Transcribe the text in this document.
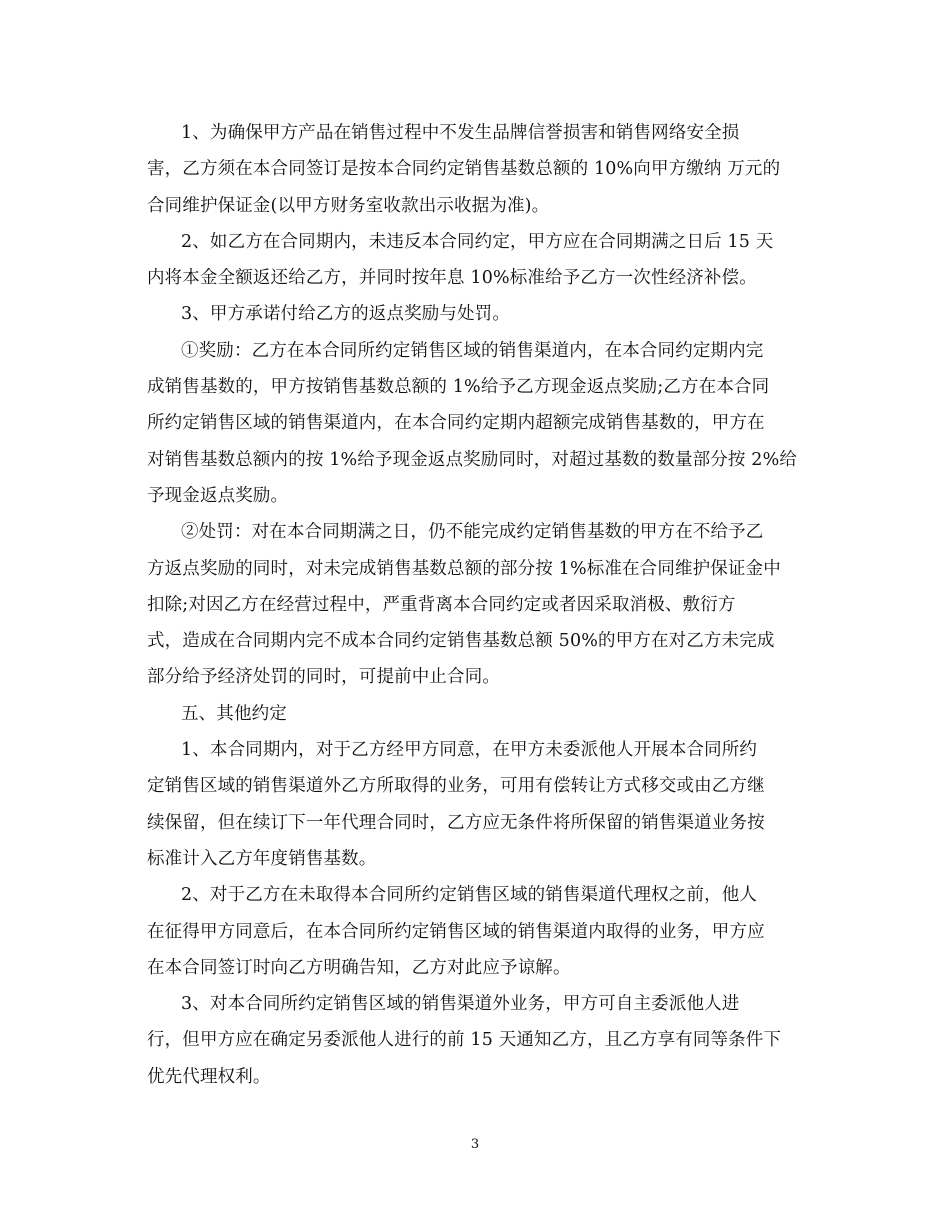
1、为确保甲方产品在销售过程中不发生品牌信誉损害和销售网络安全损
害，乙方须在本合同签订是按本合同约定销售基数总额的 10%向甲方缴纳 万元的
合同维护保证金(以甲方财务室收款出示收据为准)。
2、如乙方在合同期内，未违反本合同约定，甲方应在合同期满之日后 15 天
内将本金全额返还给乙方，并同时按年息 10%标准给予乙方一次性经济补偿。
3、甲方承诺付给乙方的返点奖励与处罚。
①奖励：乙方在本合同所约定销售区域的销售渠道内，在本合同约定期内完
成销售基数的，甲方按销售基数总额的 1%给予乙方现金返点奖励;乙方在本合同
所约定销售区域的销售渠道内，在本合同约定期内超额完成销售基数的，甲方在
对销售基数总额内的按 1%给予现金返点奖励同时，对超过基数的数量部分按 2%给
予现金返点奖励。
②处罚：对在本合同期满之日，仍不能完成约定销售基数的甲方在不给予乙
方返点奖励的同时，对未完成销售基数总额的部分按 1%标准在合同维护保证金中
扣除;对因乙方在经营过程中，严重背离本合同约定或者因采取消极、敷衍方
式，造成在合同期内完不成本合同约定销售基数总额 50%的甲方在对乙方未完成
部分给予经济处罚的同时，可提前中止合同。
五、其他约定
1、本合同期内，对于乙方经甲方同意，在甲方未委派他人开展本合同所约
定销售区域的销售渠道外乙方所取得的业务，可用有偿转让方式移交或由乙方继
续保留，但在续订下一年代理合同时，乙方应无条件将所保留的销售渠道业务按
标准计入乙方年度销售基数。
2、对于乙方在未取得本合同所约定销售区域的销售渠道代理权之前，他人
在征得甲方同意后，在本合同所约定销售区域的销售渠道内取得的业务，甲方应
在本合同签订时向乙方明确告知，乙方对此应予谅解。
3、对本合同所约定销售区域的销售渠道外业务，甲方可自主委派他人进
行，但甲方应在确定另委派他人进行的前 15 天通知乙方，且乙方享有同等条件下
优先代理权利。
3
